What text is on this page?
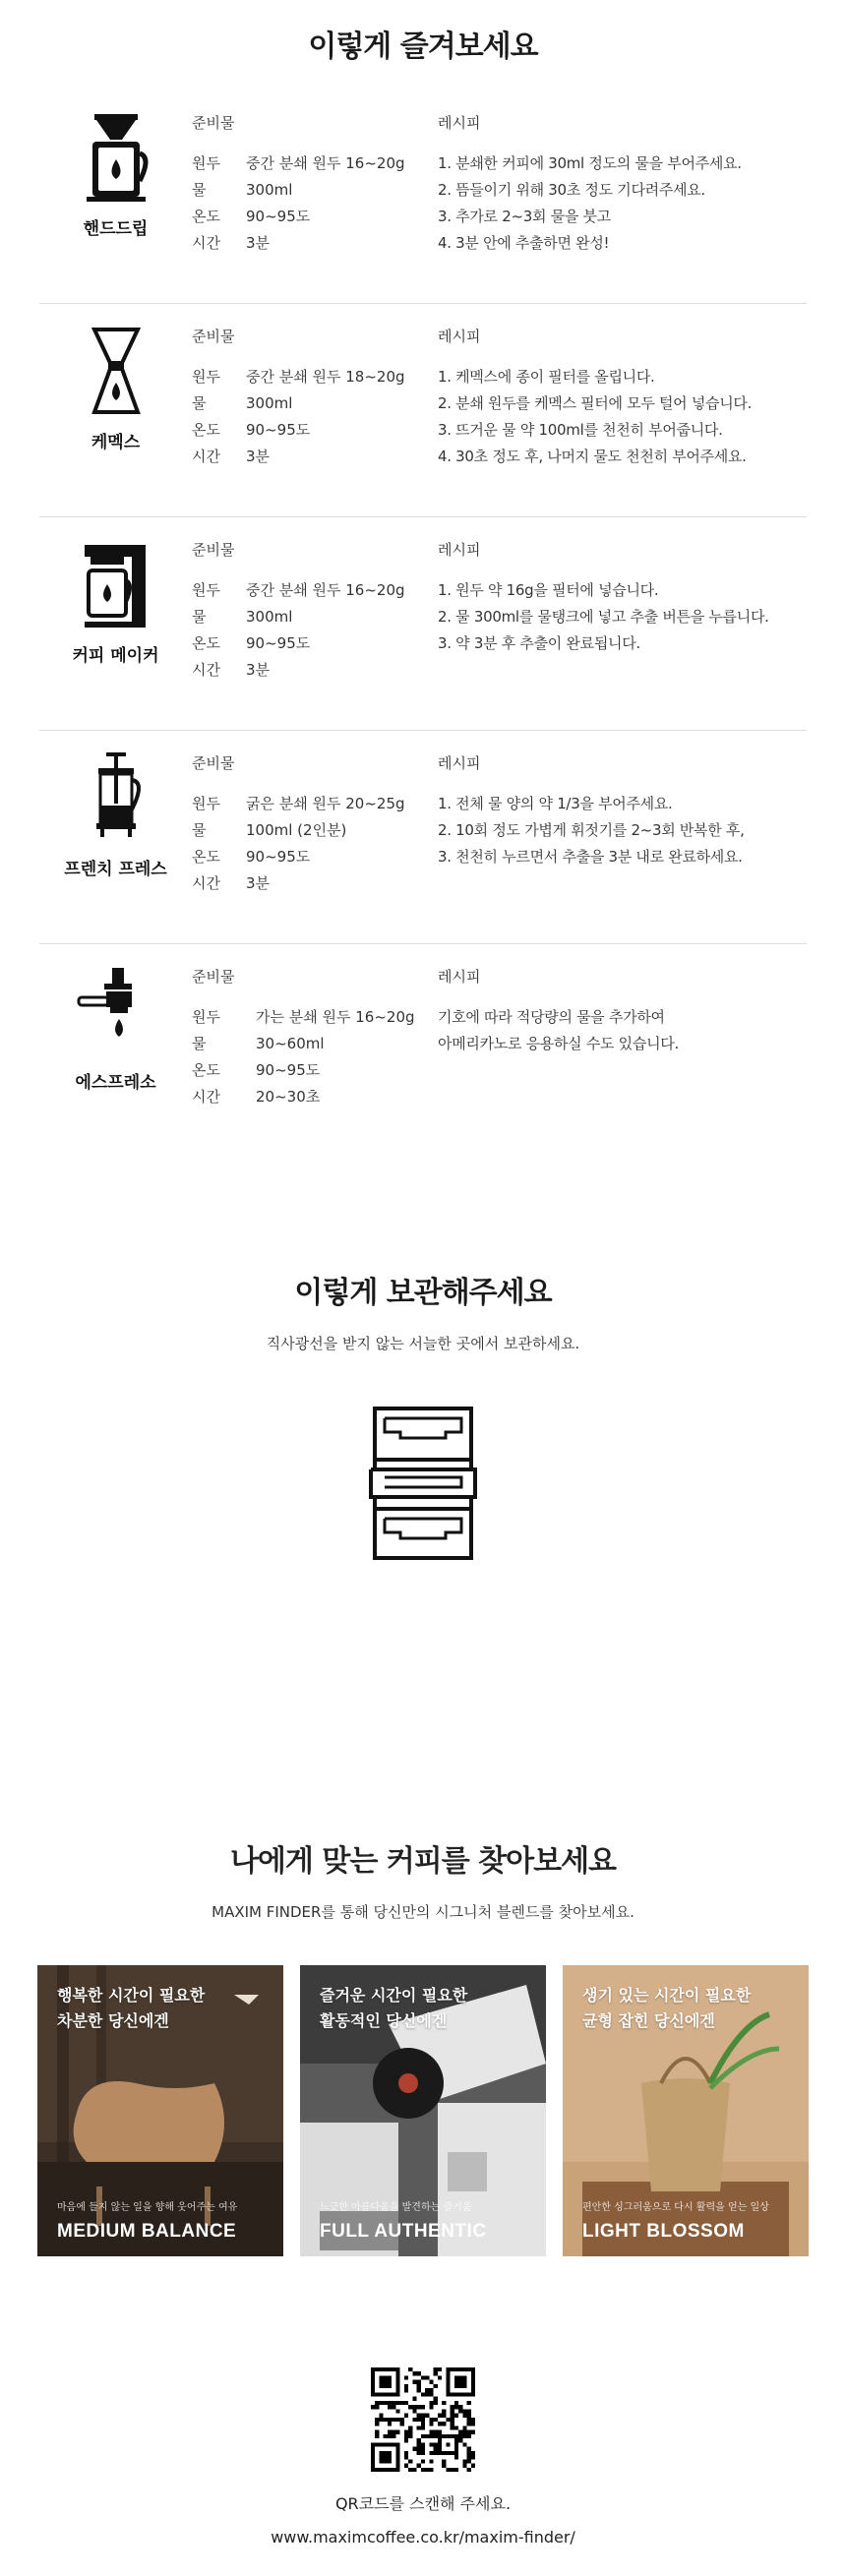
이렇게 즐겨보세요
핸드드립
준비물
원두	중간 분쇄 원두 16~20g
물	300ml
온도	90~95도
시간	3분
레시피
1. 분쇄한 커피에 30ml 정도의 물을 부어주세요.
2. 뜸들이기 위해 30초 정도 기다려주세요.
3. 추가로 2~3회 물을 붓고
4. 3분 안에 추출하면 완성!
케멕스
준비물
원두	중간 분쇄 원두 18~20g
물	300ml
온도	90~95도
시간	3분
레시피
1. 케멕스에 종이 필터를 올립니다.
2. 분쇄 원두를 케멕스 필터에 모두 털어 넣습니다.
3. 뜨거운 물 약 100ml를 천천히 부어줍니다.
4. 30초 정도 후, 나머지 물도 천천히 부어주세요.
커피 메이커
준비물
원두	중간 분쇄 원두 16~20g
물	300ml
온도	90~95도
시간	3분
레시피
1. 원두 약 16g을 필터에 넣습니다.
2. 물 300ml를 물탱크에 넣고 추출 버튼을 누릅니다.
3. 약 3분 후 추출이 완료됩니다.
프렌치 프레스
준비물
원두	굵은 분쇄 원두 20~25g
물	100ml (2인분)
온도	90~95도
시간	3분
레시피
1. 전체 물 양의 약 1/3을 부어주세요.
2. 10회 정도 가볍게 휘젓기를 2~3회 반복한 후,
3. 천천히 누르면서 추출을 3분 내로 완료하세요.
에스프레소
준비물
원두	가는 분쇄 원두 16~20g
물	30~60ml
온도	90~95도
시간	20~30초
레시피
기호에 따라 적당량의 물을 추가하여
아메리카노로 응용하실 수도 있습니다.
이렇게 보관해주세요
직사광선을 받지 않는 서늘한 곳에서 보관하세요.
나에게 맞는 커피를 찾아보세요
MAXIM FINDER를 통해 당신만의 시그니처 블렌드를 찾아보세요.
행복한 시간이 필요한
차분한 당신에겐
마음에 들지 않는 일을 향해 웃어주는 여유
MEDIUM BALANCE
즐거운 시간이 필요한
활동적인 당신에겐
느긋한 아름다움을 발견하는 즐거움
FULL AUTHENTIC
생기 있는 시간이 필요한
균형 잡힌 당신에겐
편안한 싱그러움으로 다시 활력을 얻는 일상
LIGHT BLOSSOM
QR코드를 스캔해 주세요.
www.maximcoffee.co.kr/maxim-finder/
